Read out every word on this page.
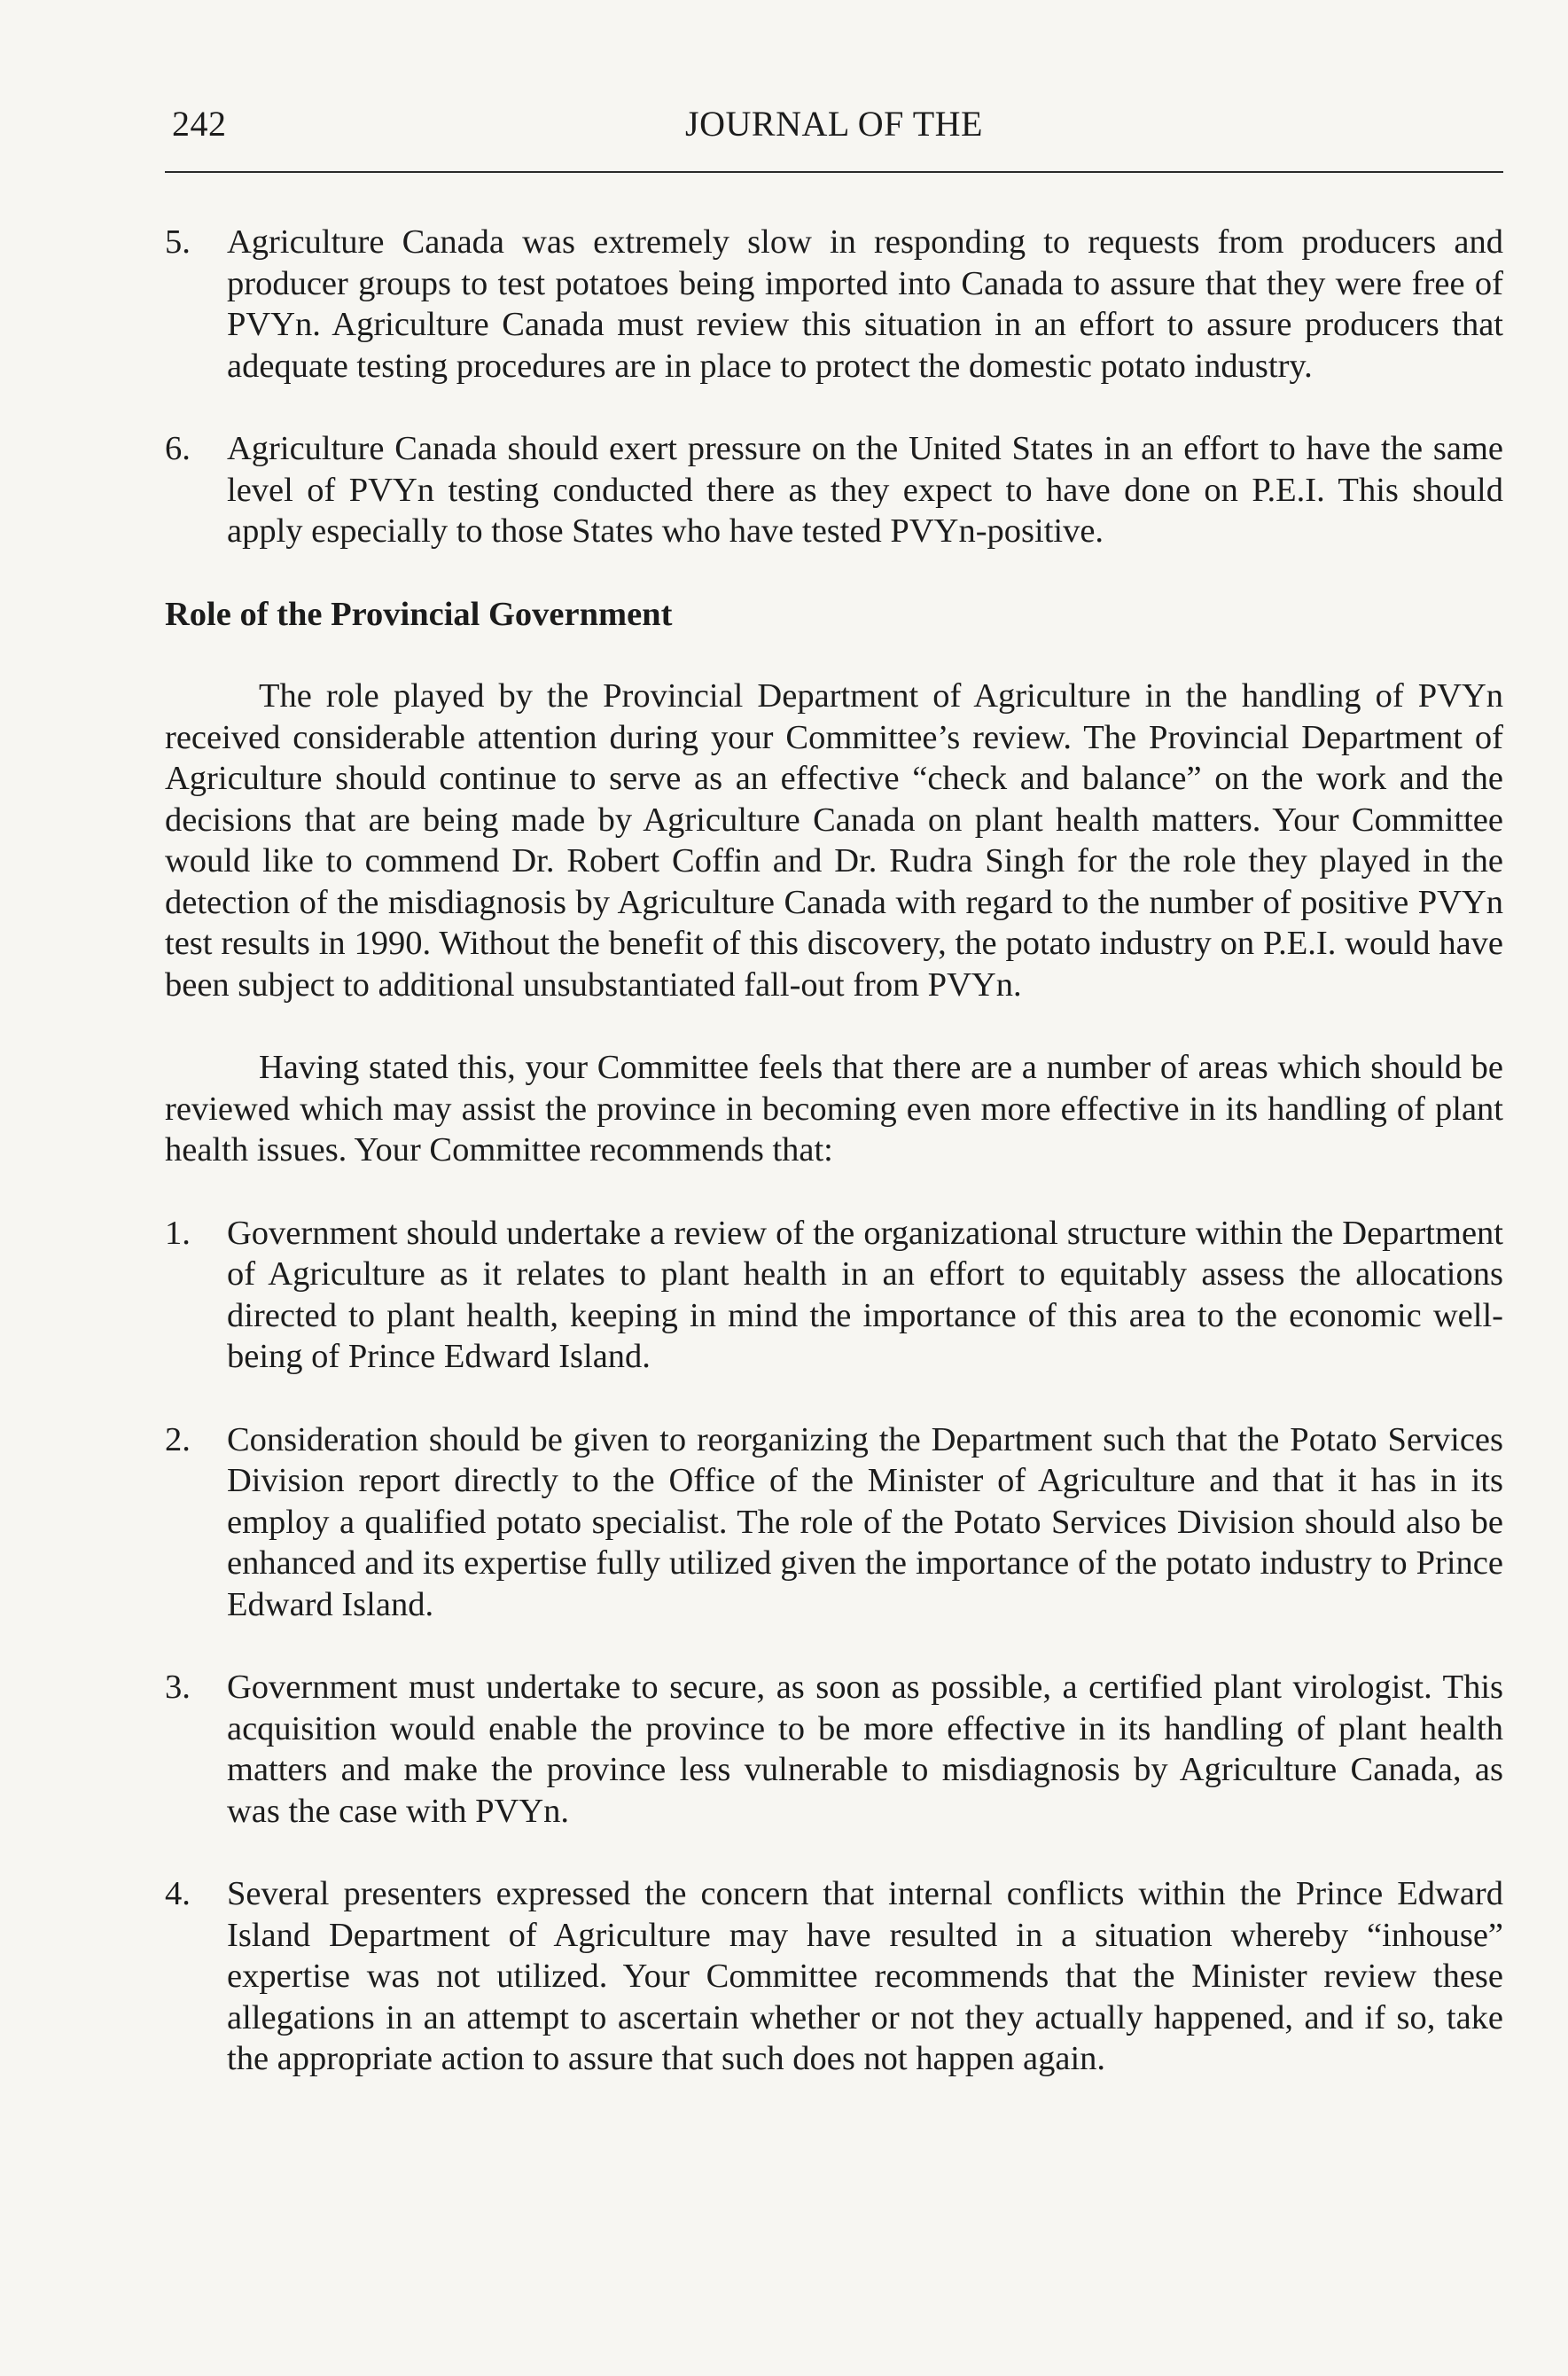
242	JOURNAL OF THE
5. Agriculture Canada was extremely slow in responding to requests from producers and producer groups to test potatoes being imported into Canada to assure that they were free of PVYn. Agriculture Canada must review this situation in an effort to assure producers that adequate testing procedures are in place to protect the domestic potato industry.
6. Agriculture Canada should exert pressure on the United States in an effort to have the same level of PVYn testing conducted there as they expect to have done on P.E.I. This should apply especially to those States who have tested PVYn-positive.
Role of the Provincial Government

The role played by the Provincial Department of Agriculture in the handling of PVYn received considerable attention during your Committee’s review. The Provincial Department of Agriculture should continue to serve as an effective “check and balance” on the work and the decisions that are being made by Agriculture Canada on plant health matters. Your Committee would like to commend Dr. Robert Coffin and Dr. Rudra Singh for the role they played in the detection of the misdiagnosis by Agriculture Canada with regard to the number of positive PVYn test results in 1990. Without the benefit of this discovery, the potato industry on P.E.I. would have been subject to additional unsubstantiated fall-out from PVYn.

Having stated this, your Committee feels that there are a number of areas which should be reviewed which may assist the province in becoming even more effective in its handling of plant health issues. Your Committee recommends that:

1. Government should undertake a review of the organizational structure within the Department of Agriculture as it relates to plant health in an effort to equitably assess the allocations directed to plant health, keeping in mind the importance of this area to the economic well-being of Prince Edward Island.
2. Consideration should be given to reorganizing the Department such that the Potato Services Division report directly to the Office of the Minister of Agriculture and that it has in its employ a qualified potato specialist. The role of the Potato Services Division should also be enhanced and its expertise fully utilized given the importance of the potato industry to Prince Edward Island.
3. Government must undertake to secure, as soon as possible, a certified plant virologist. This acquisition would enable the province to be more effective in its handling of plant health matters and make the province less vulnerable to misdiagnosis by Agriculture Canada, as was the case with PVYn.
4. Several presenters expressed the concern that internal conflicts within the Prince Edward Island Department of Agriculture may have resulted in a situation whereby “inhouse” expertise was not utilized. Your Committee recommends that the Minister review these allegations in an attempt to ascertain whether or not they actually happened, and if so, take the appropriate action to assure that such does not happen again.
